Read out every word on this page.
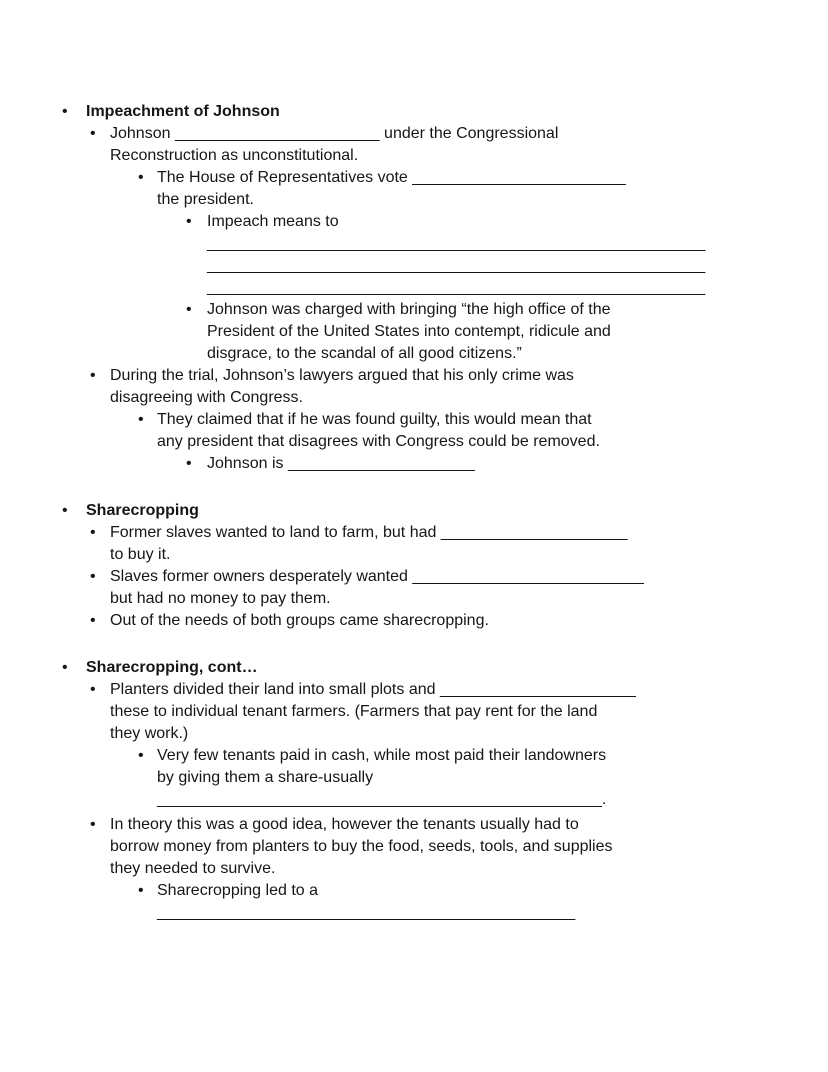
• Impeachment of Johnson
• Johnson _______________________ under the Congressional
Reconstruction as unconstitutional.
• The House of Representatives vote ________________________
the president.
• Impeach means to
________________________________________________________
________________________________________________________
________________________________________________________
• Johnson was charged with bringing “the high office of the
President of the United States into contempt, ridicule and
disgrace, to the scandal of all good citizens.”
• During the trial, Johnson’s lawyers argued that his only crime was
disagreeing with Congress.
• They claimed that if he was found guilty, this would mean that
any president that disagrees with Congress could be removed.
• Johnson is _____________________
• Sharecropping
• Former slaves wanted to land to farm, but had _____________________
to buy it.
• Slaves former owners desperately wanted __________________________
but had no money to pay them.
• Out of the needs of both groups came sharecropping.
• Sharecropping, cont…
• Planters divided their land into small plots and ______________________
these to individual tenant farmers. (Farmers that pay rent for the land
they work.)
• Very few tenants paid in cash, while most paid their landowners
by giving them a share-usually
__________________________________________________.
• In theory this was a good idea, however the tenants usually had to
borrow money from planters to buy the food, seeds, tools, and supplies
they needed to survive.
• Sharecropping led to a
_______________________________________________
